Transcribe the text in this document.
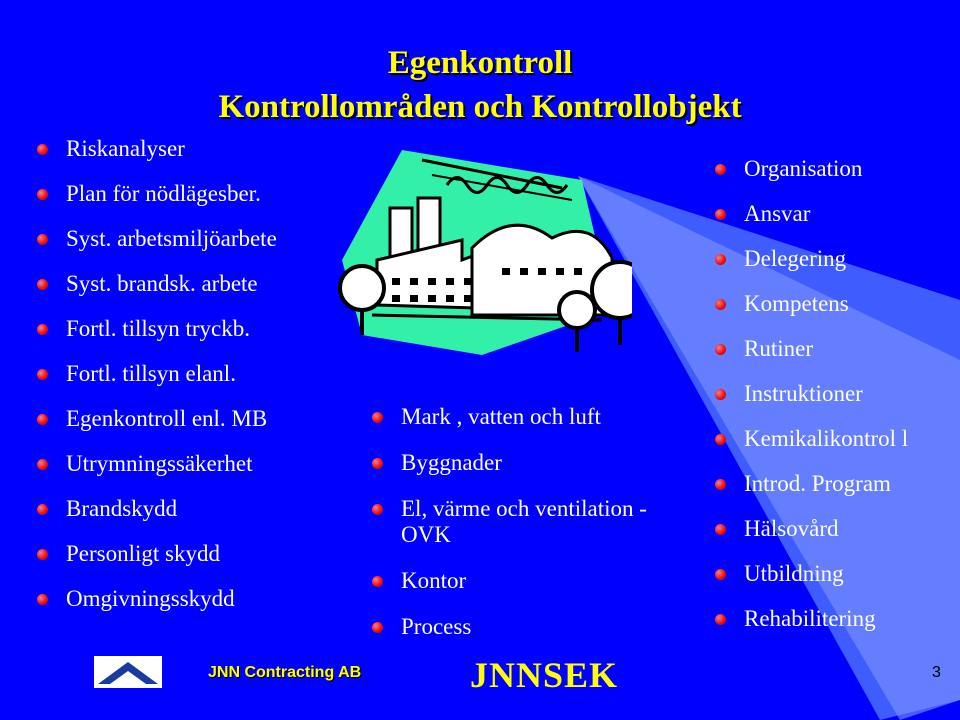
Egenkontroll
Kontrollområden och Kontrollobjekt
Riskanalyser
Plan för nödlägesber.
Syst. arbetsmiljöarbete
Syst. brandsk. arbete
Fortl. tillsyn tryckb.
Fortl. tillsyn elanl.
Egenkontroll enl. MB
Utrymningssäkerhet
Brandskydd
Personligt skydd
Omgivningsskydd
Mark , vatten och luft
Byggnader
El, värme och ventilation - OVK
Kontor
Process
Organisation
Ansvar
Delegering
Kompetens
Rutiner
Instruktioner
Kemikalikontrol l
Introd. Program
Hälsovård
Utbildning
Rehabilitering
JNN Contracting AB	JNNSEK	3
